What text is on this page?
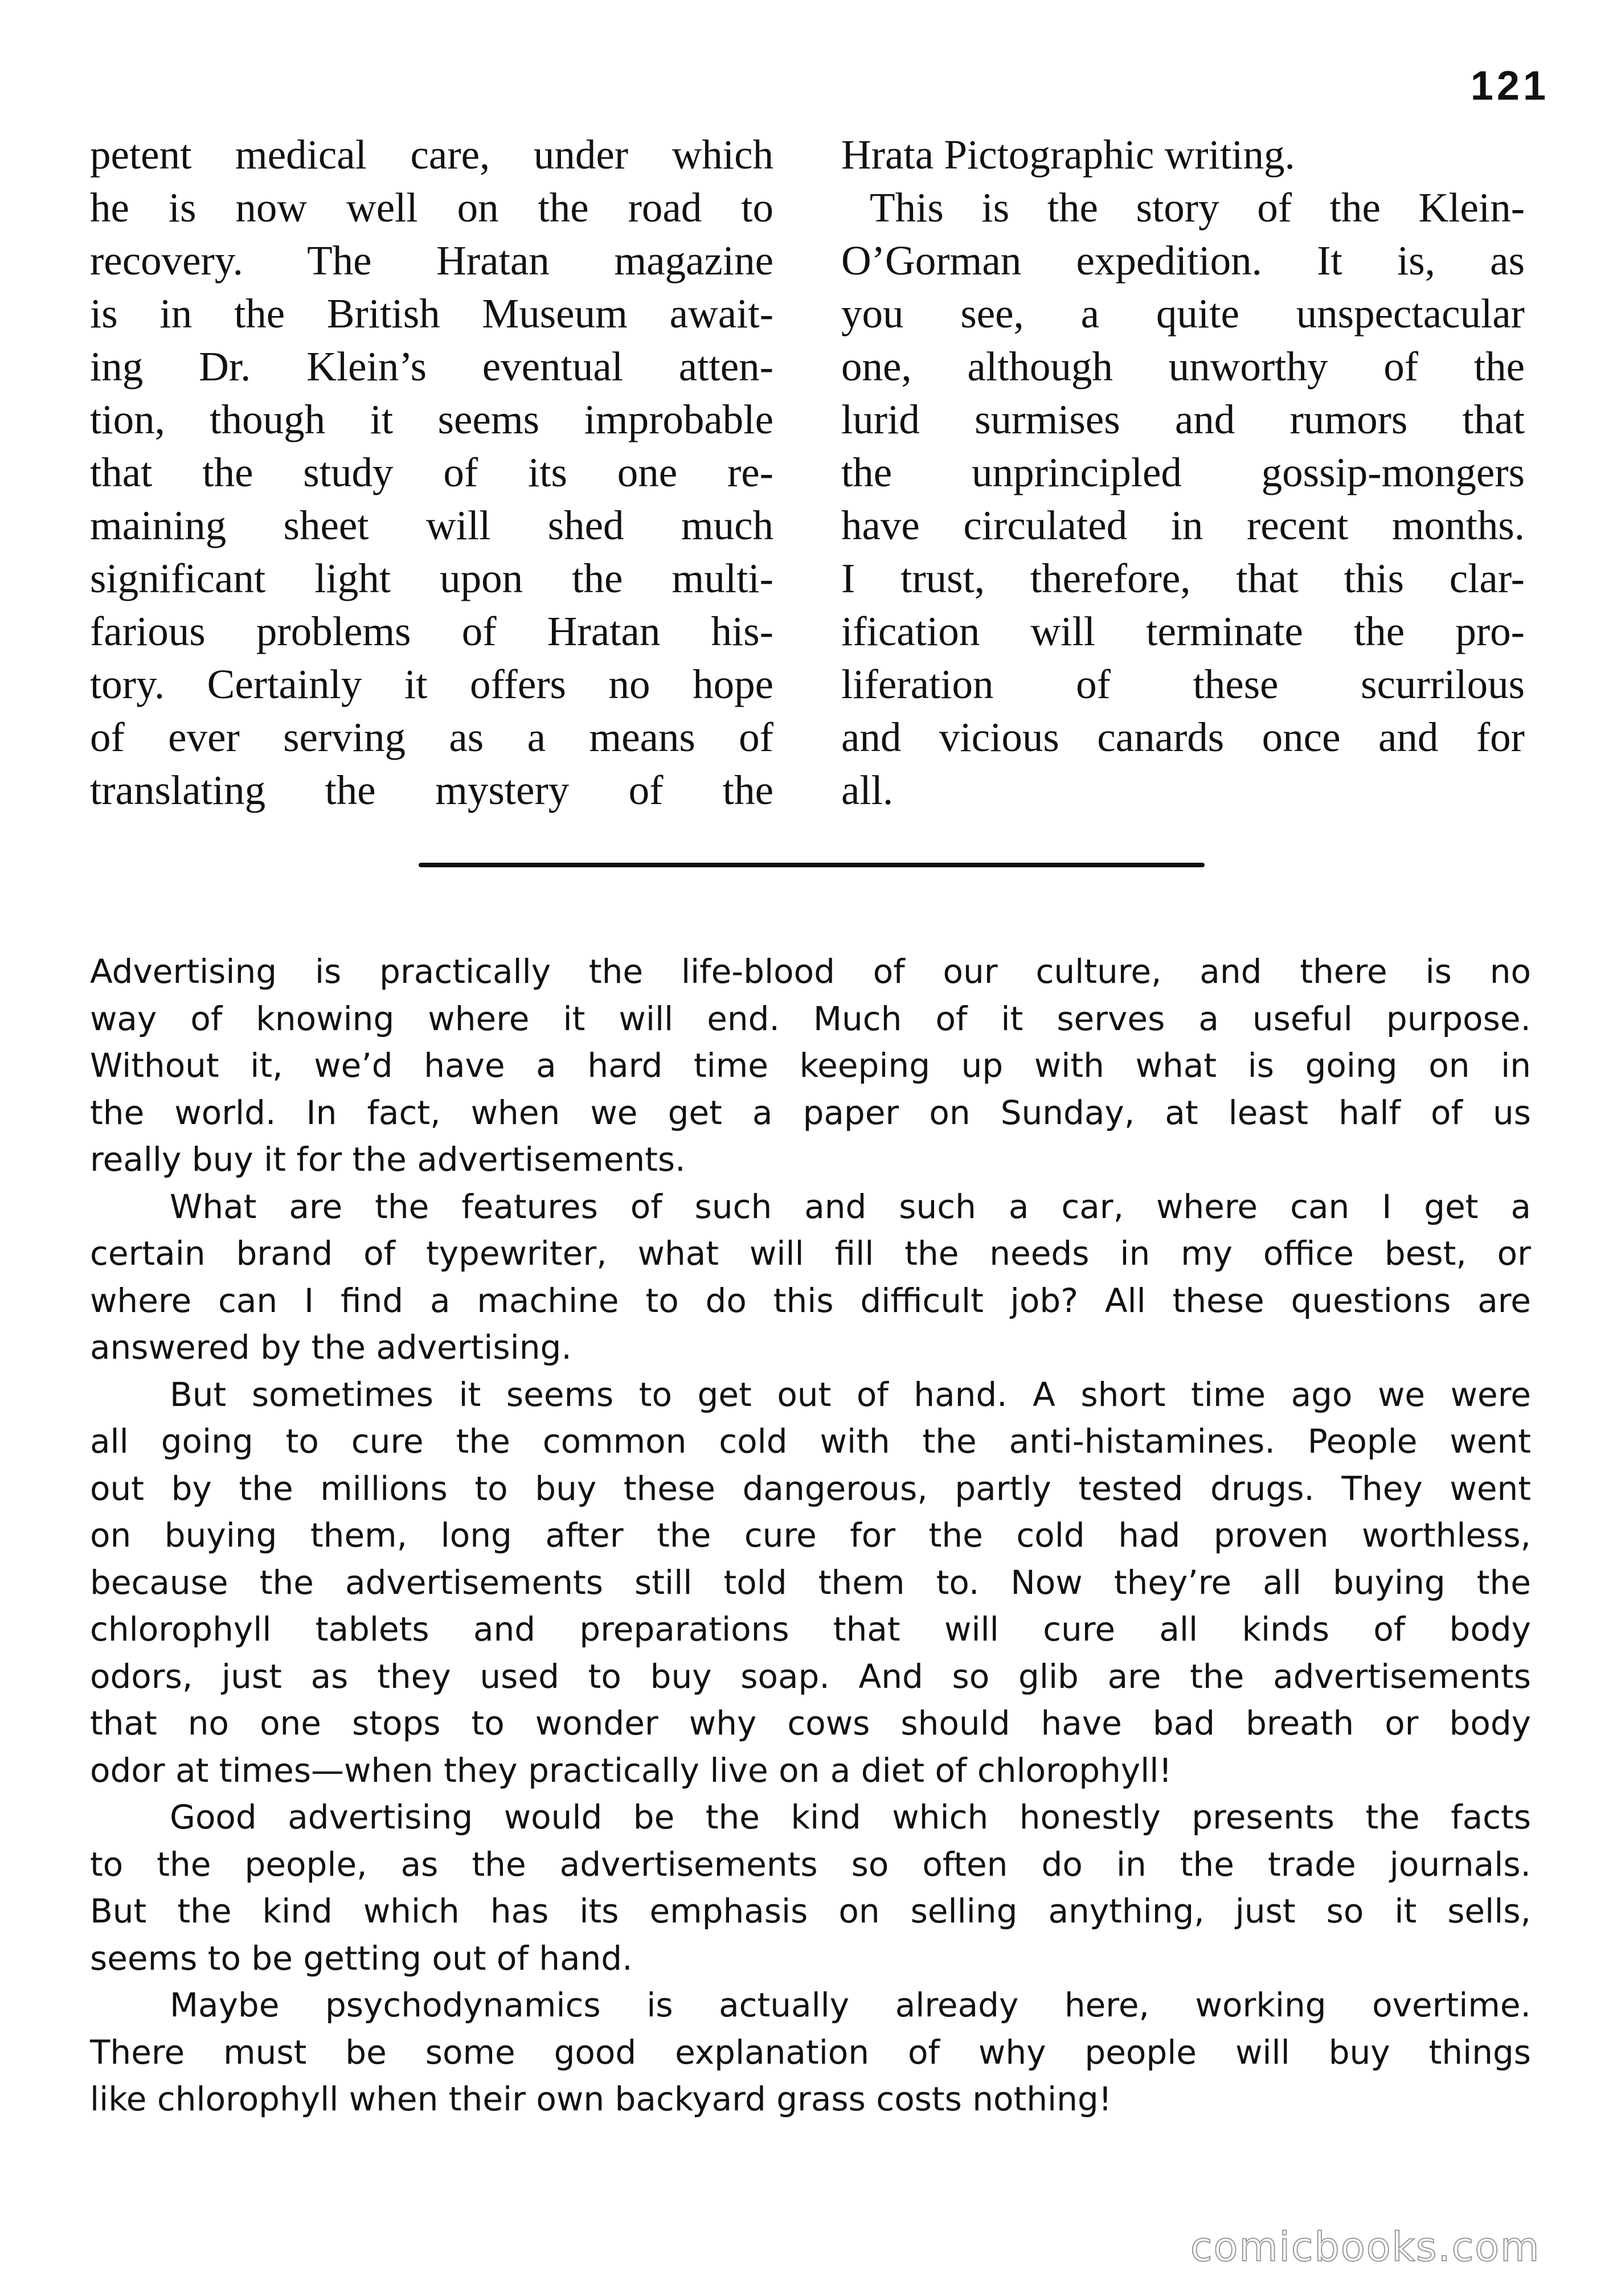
121
petent medical care, under which
he is now well on the road to
recovery. The Hratan magazine
is in the British Museum await-
ing Dr. Klein’s eventual atten-
tion, though it seems improbable
that the study of its one re-
maining sheet will shed much
significant light upon the multi-
farious problems of Hratan his-
tory. Certainly it offers no hope
of ever serving as a means of
translating the mystery of the
Hrata Pictographic writing.
This is the story of the Klein-
O’Gorman expedition. It is, as
you see, a quite unspectacular
one, although unworthy of the
lurid surmises and rumors that
the unprincipled gossip-mongers
have circulated in recent months.
I trust, therefore, that this clar-
ification will terminate the pro-
liferation of these scurrilous
and vicious canards once and for
all.
Advertising is practically the life-blood of our culture, and there is no
way of knowing where it will end. Much of it serves a useful purpose.
Without it, we’d have a hard time keeping up with what is going on in
the world. In fact, when we get a paper on Sunday, at least half of us
really buy it for the advertisements.
What are the features of such and such a car, where can I get a
certain brand of typewriter, what will fill the needs in my office best, or
where can I find a machine to do this difficult job? All these questions are
answered by the advertising.
But sometimes it seems to get out of hand. A short time ago we were
all going to cure the common cold with the anti-histamines. People went
out by the millions to buy these dangerous, partly tested drugs. They went
on buying them, long after the cure for the cold had proven worthless,
because the advertisements still told them to. Now they’re all buying the
chlorophyll tablets and preparations that will cure all kinds of body
odors, just as they used to buy soap. And so glib are the advertisements
that no one stops to wonder why cows should have bad breath or body
odor at times—when they practically live on a diet of chlorophyll!
Good advertising would be the kind which honestly presents the facts
to the people, as the advertisements so often do in the trade journals.
But the kind which has its emphasis on selling anything, just so it sells,
seems to be getting out of hand.
Maybe psychodynamics is actually already here, working overtime.
There must be some good explanation of why people will buy things
like chlorophyll when their own backyard grass costs nothing!
comicbooks.com
